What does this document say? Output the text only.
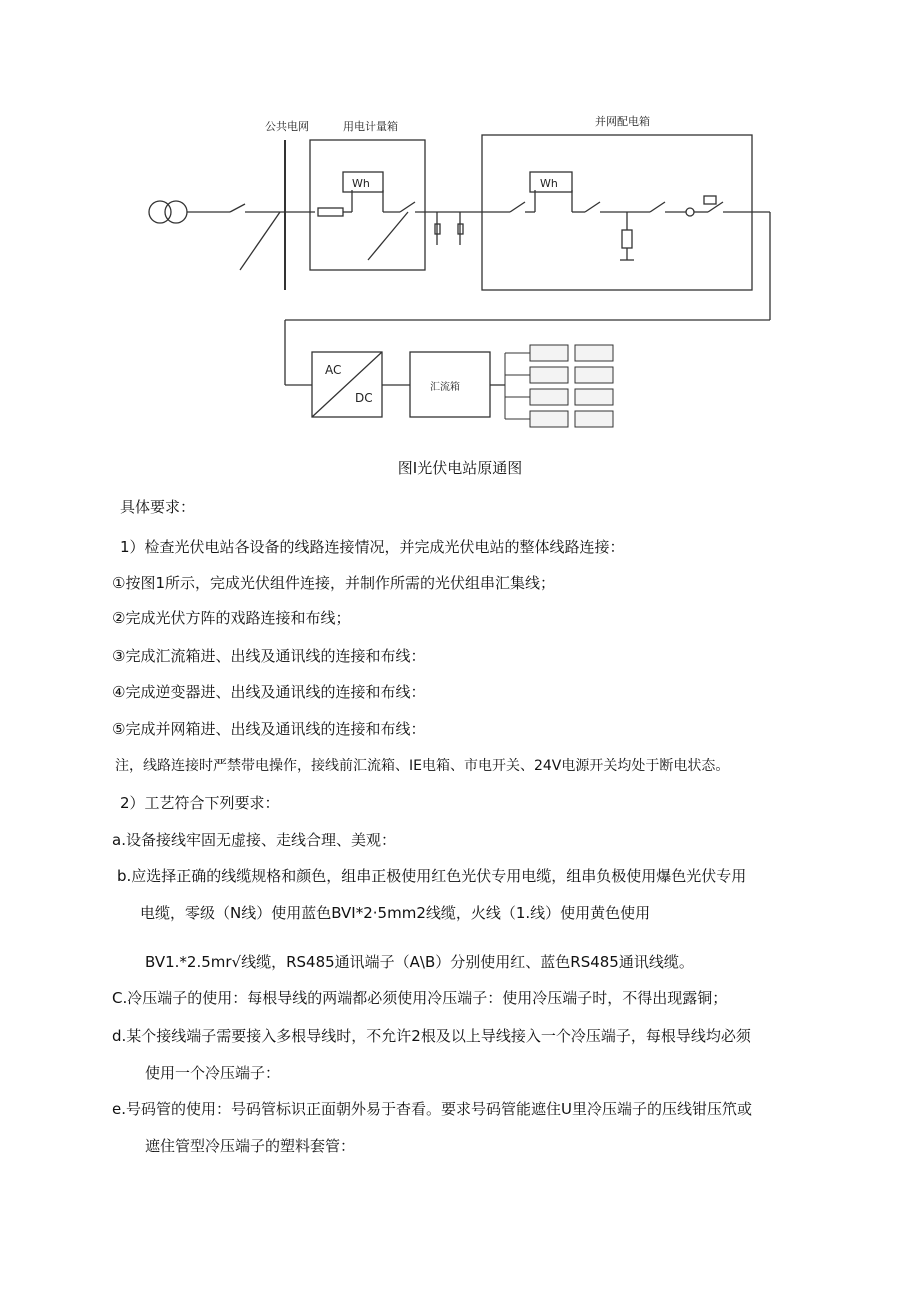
公共电网	用电计量箱	并网配电箱
Wh	Wh
AC
DC
汇流箱
图I光伏电站原通图
具体要求：
1）检查光伏电站各设备的线路连接情况，并完成光伏电站的整体线路连接：
①按图1所示，完成光伏组件连接，并制作所需的光伏组串汇集线；
②完成光伏方阵的戏路连接和布线；
③完成汇流箱进、出线及通讯线的连接和布线：
④完成逆变器进、出线及通讯线的连接和布线：
⑤完成并网箱进、出线及通讯线的连接和布线：
注，线路连接时严禁带电操作，接线前汇流箱、IE电箱、市电开关、24V电源开关均处于断电状态。
2）工艺符合下列要求：
a.设备接线牢固无虚接、走线合理、美观：
b.应选择正确的线缆规格和颜色，组串正极使用红色光伏专用电缆，组串负极使用爆色光伏专用
电缆，零级（N线）使用蓝色BVI*2·5mm2线缆，火线（1.线）使用黄色使用
BV1.*2.5mr√线缆，RS485通讯端子（A\B）分别使用红、蓝色RS485通讯线缆。
C.冷压端子的使用：每根导线的两端都必须使用冷压端子：使用冷压端子时，不得出现露铜；
d.某个接线端子需要接入多根导线时，不允许2根及以上导线接入一个冷压端子，每根导线均必须
使用一个冷压端子：
e.号码管的使用：号码管标识正面朝外易于杳看。要求号码管能遮住U里冷压端子的压线钳压笊或
遮住管型冷压端子的塑料套管：
